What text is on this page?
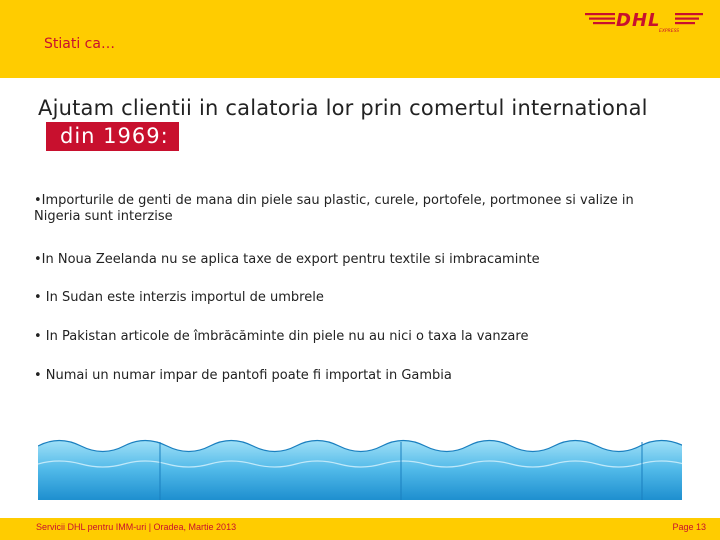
Stiati ca…
DHL
EXPRESS
Ajutam clientii in calatoria lor prin comertul internationaldin 1969:
•Importurile de genti de mana din piele sau plastic, curele, portofele, portmonee si valize in Nigeria sunt interzise
•In Noua Zeelanda nu se aplica taxe de export pentru textile si imbracaminte
• In Sudan este interzis importul de umbrele
• In Pakistan articole de îmbrăcăminte din piele nu au nici o taxa la vanzare
• Numai un numar impar de pantofi poate fi importat in Gambia
Servicii DHL pentru IMM-uri | Oradea, Martie 2013	Page 13
